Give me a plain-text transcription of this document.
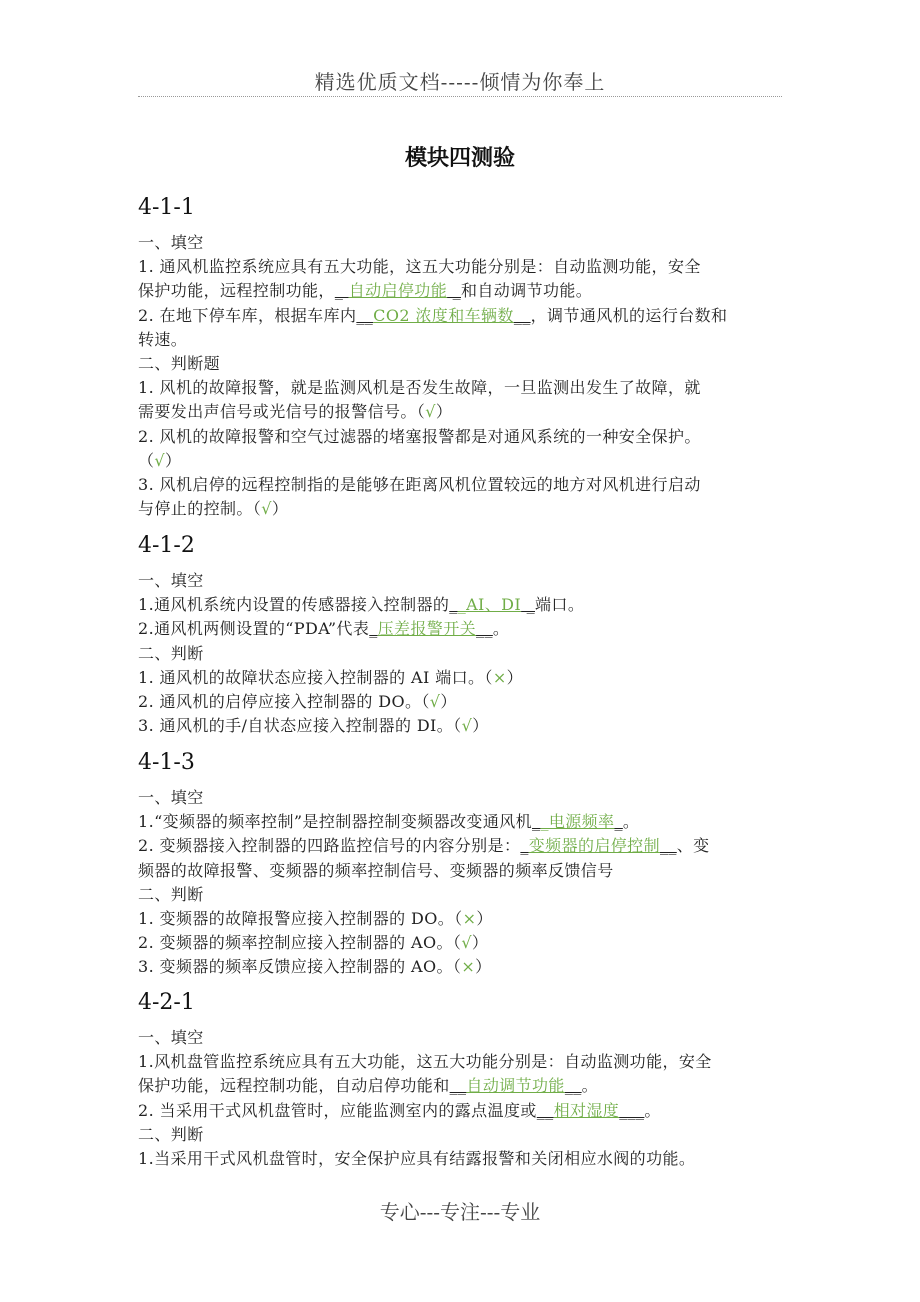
精选优质文档-----倾情为你奉上
模块四测验
4-1-1
一、填空
1. 通风机监控系统应具有五大功能，这五大功能分别是：自动监测功能，安全
保护功能，远程控制功能，_ 自动启停功能 _和自动调节功能。
2. 在地下停车库，根据车库内__CO2 浓度和车辆数__，调节通风机的运行台数和
转速。
二、判断题
1. 风机的故障报警，就是监测风机是否发生故障，一旦监测出发生了故障，就
需要发出声信号或光信号的报警信号。（√）
2. 风机的故障报警和空气过滤器的堵塞报警都是对通风系统的一种安全保护。
（√）
3. 风机启停的远程控制指的是能够在距离风机位置较远的地方对风机进行启动
与停止的控制。（√）
4-1-2
一、填空
1.通风机系统内设置的传感器接入控制器的__AI、DI _端口。
2.通风机两侧设置的“PDA”代表_压差报警开关__。
二、判断
1. 通风机的故障状态应接入控制器的 AI 端口。（×）
2. 通风机的启停应接入控制器的 DO。（√）
3. 通风机的手/自状态应接入控制器的 DI。（√）
4-1-3
一、填空
1.“变频器的频率控制”是控制器控制变频器改变通风机__电源频率_。
2. 变频器接入控制器的四路监控信号的内容分别是：_变频器的启停控制__、变
频器的故障报警、变频器的频率控制信号、变频器的频率反馈信号
二、判断
1. 变频器的故障报警应接入控制器的 DO。（×）
2. 变频器的频率控制应接入控制器的 AO。（√）
3. 变频器的频率反馈应接入控制器的 AO。（×）
4-2-1
一、填空
1.风机盘管监控系统应具有五大功能，这五大功能分别是：自动监测功能，安全
保护功能，远程控制功能，自动启停功能和__自动调节功能__。
2. 当采用干式风机盘管时，应能监测室内的露点温度或__相对湿度___。
二、判断
1.当采用干式风机盘管时，安全保护应具有结露报警和关闭相应水阀的功能。
专心---专注---专业
